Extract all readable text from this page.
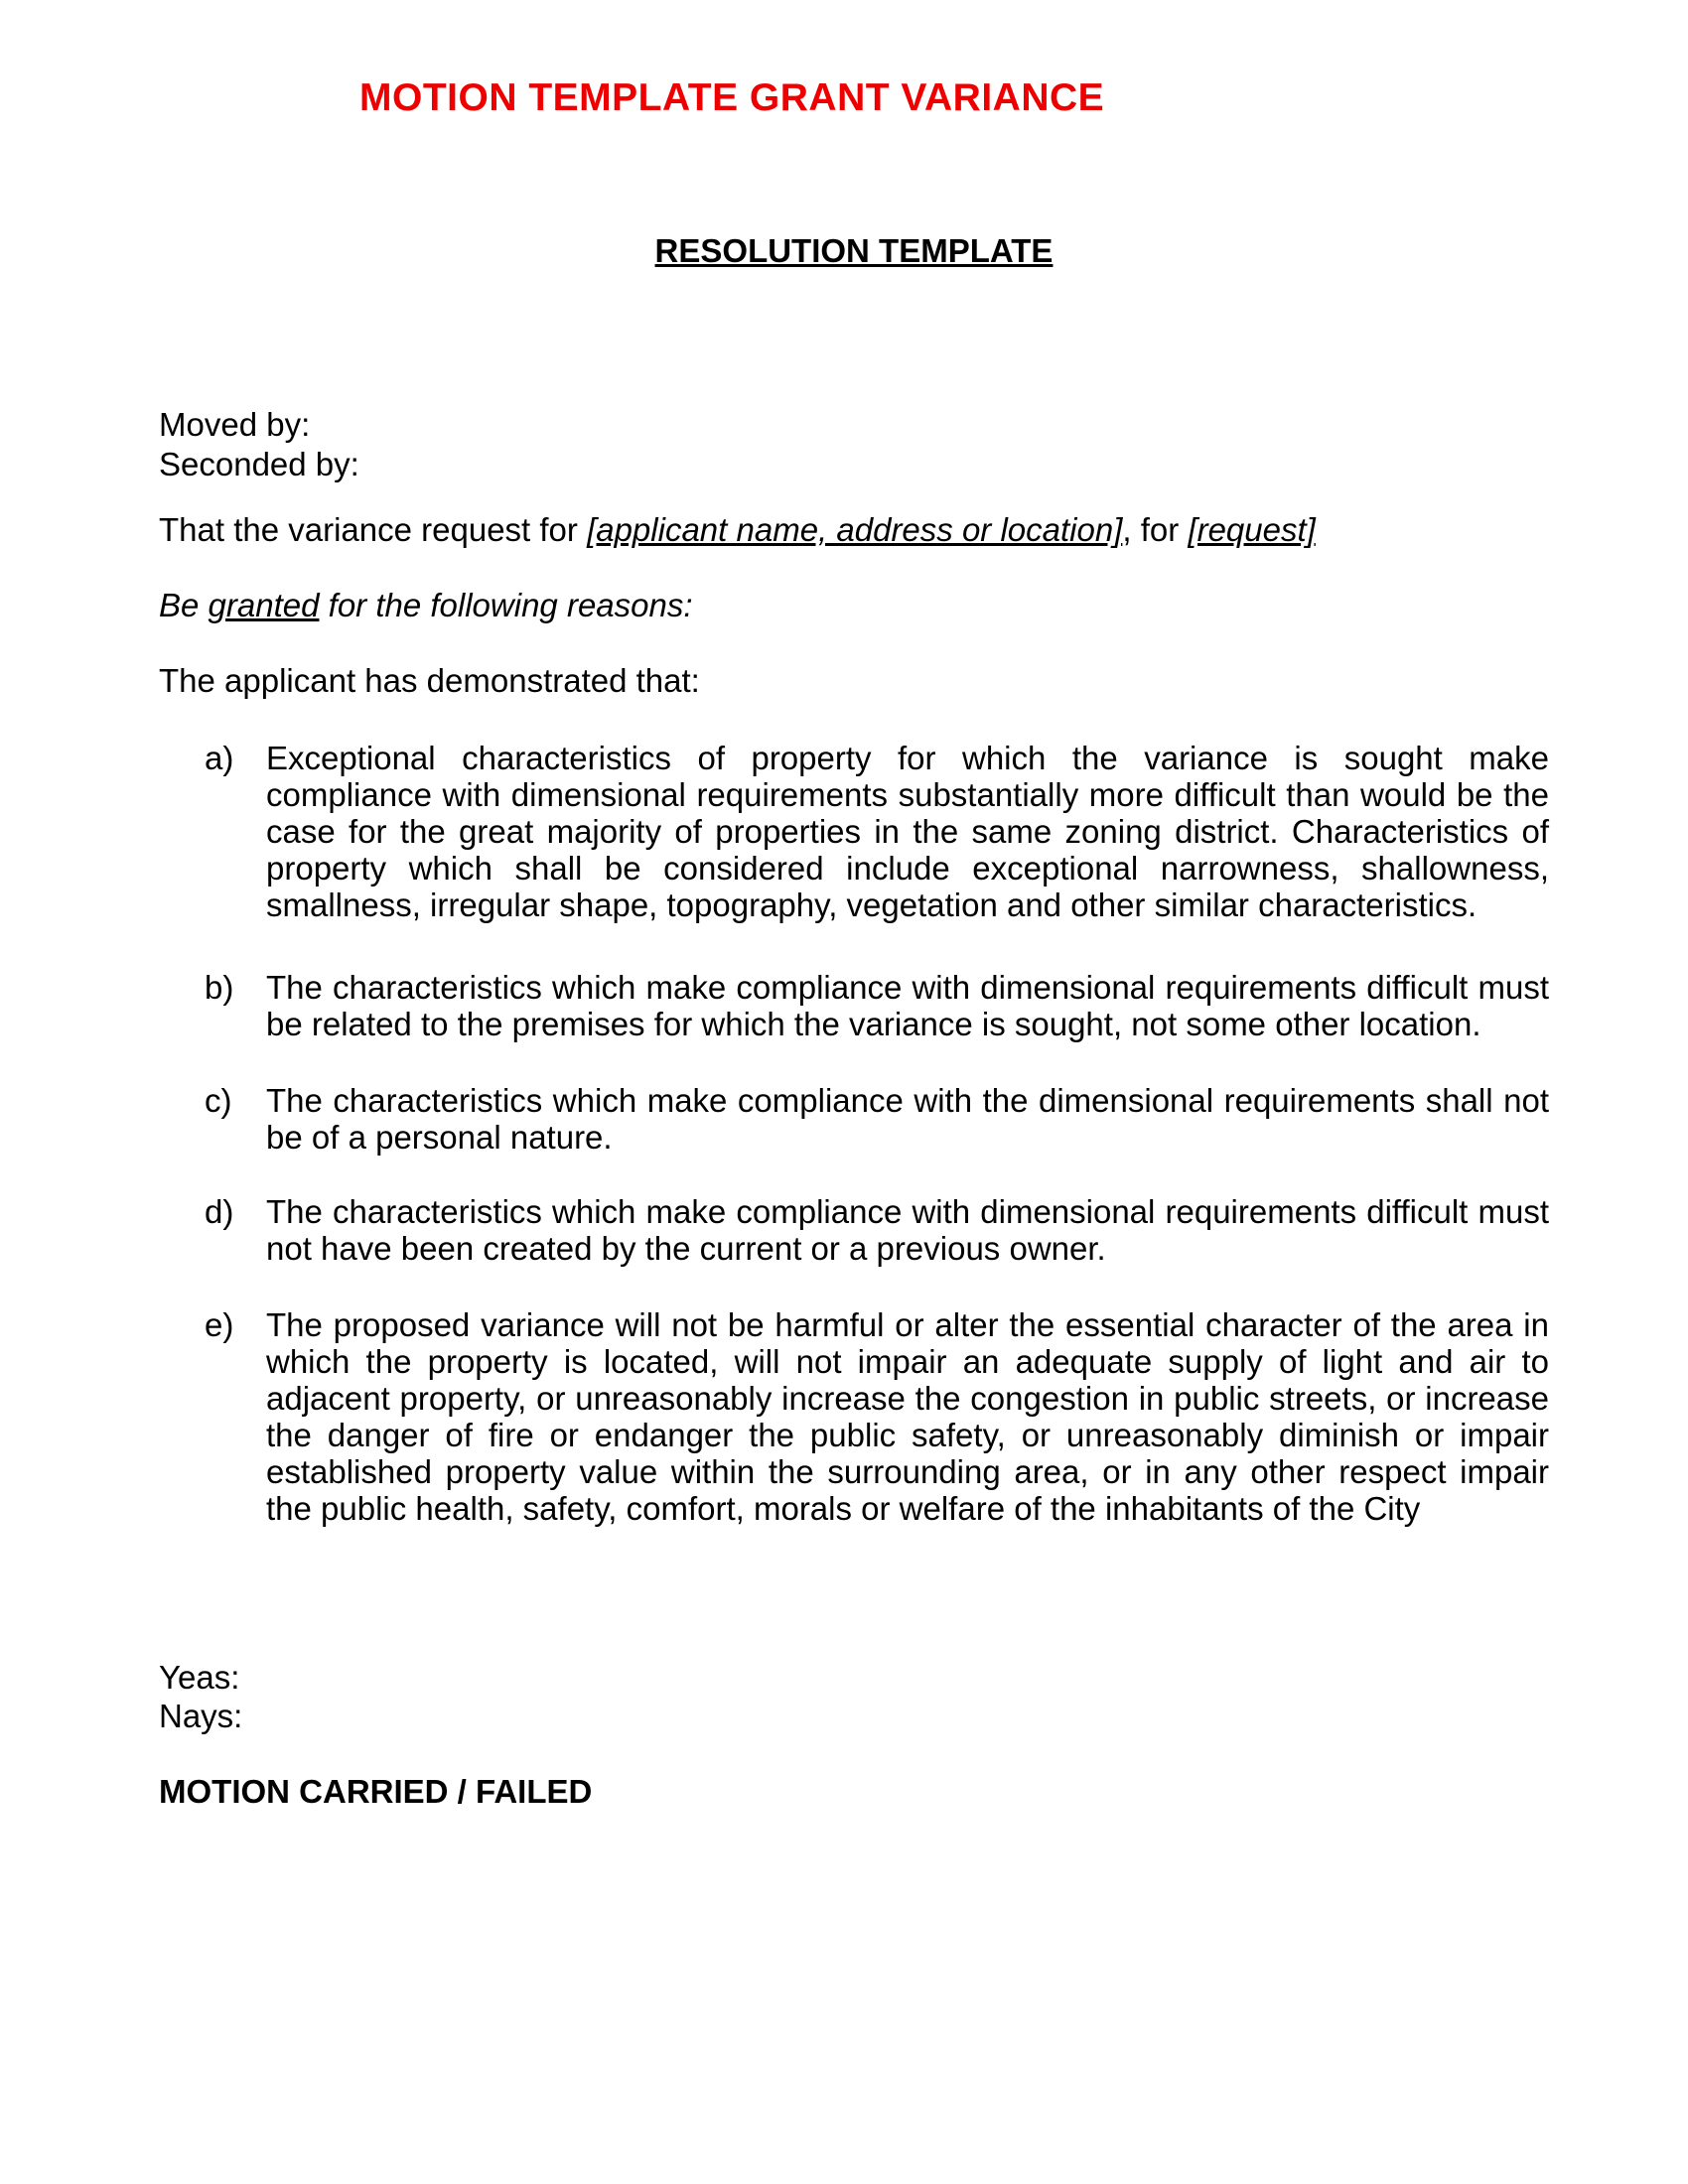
MOTION TEMPLATE GRANT VARIANCE
RESOLUTION TEMPLATE
Moved by:
Seconded by:
That the variance request for [applicant name, address or location], for [request]
Be granted for the following reasons:
The applicant has demonstrated that:
a) Exceptional characteristics of property for which the variance is sought make compliance with dimensional requirements substantially more difficult than would be the case for the great majority of properties in the same zoning district. Characteristics of property which shall be considered include exceptional narrowness, shallowness, smallness, irregular shape, topography, vegetation and other similar characteristics.
b) The characteristics which make compliance with dimensional requirements difficult must be related to the premises for which the variance is sought, not some other location.
c) The characteristics which make compliance with the dimensional requirements shall not be of a personal nature.
d) The characteristics which make compliance with dimensional requirements difficult must not have been created by the current or a previous owner.
e) The proposed variance will not be harmful or alter the essential character of the area in which the property is located, will not impair an adequate supply of light and air to adjacent property, or unreasonably increase the congestion in public streets, or increase the danger of fire or endanger the public safety, or unreasonably diminish or impair established property value within the surrounding area, or in any other respect impair the public health, safety, comfort, morals or welfare of the inhabitants of the City
Yeas:
Nays:
MOTION CARRIED / FAILED
